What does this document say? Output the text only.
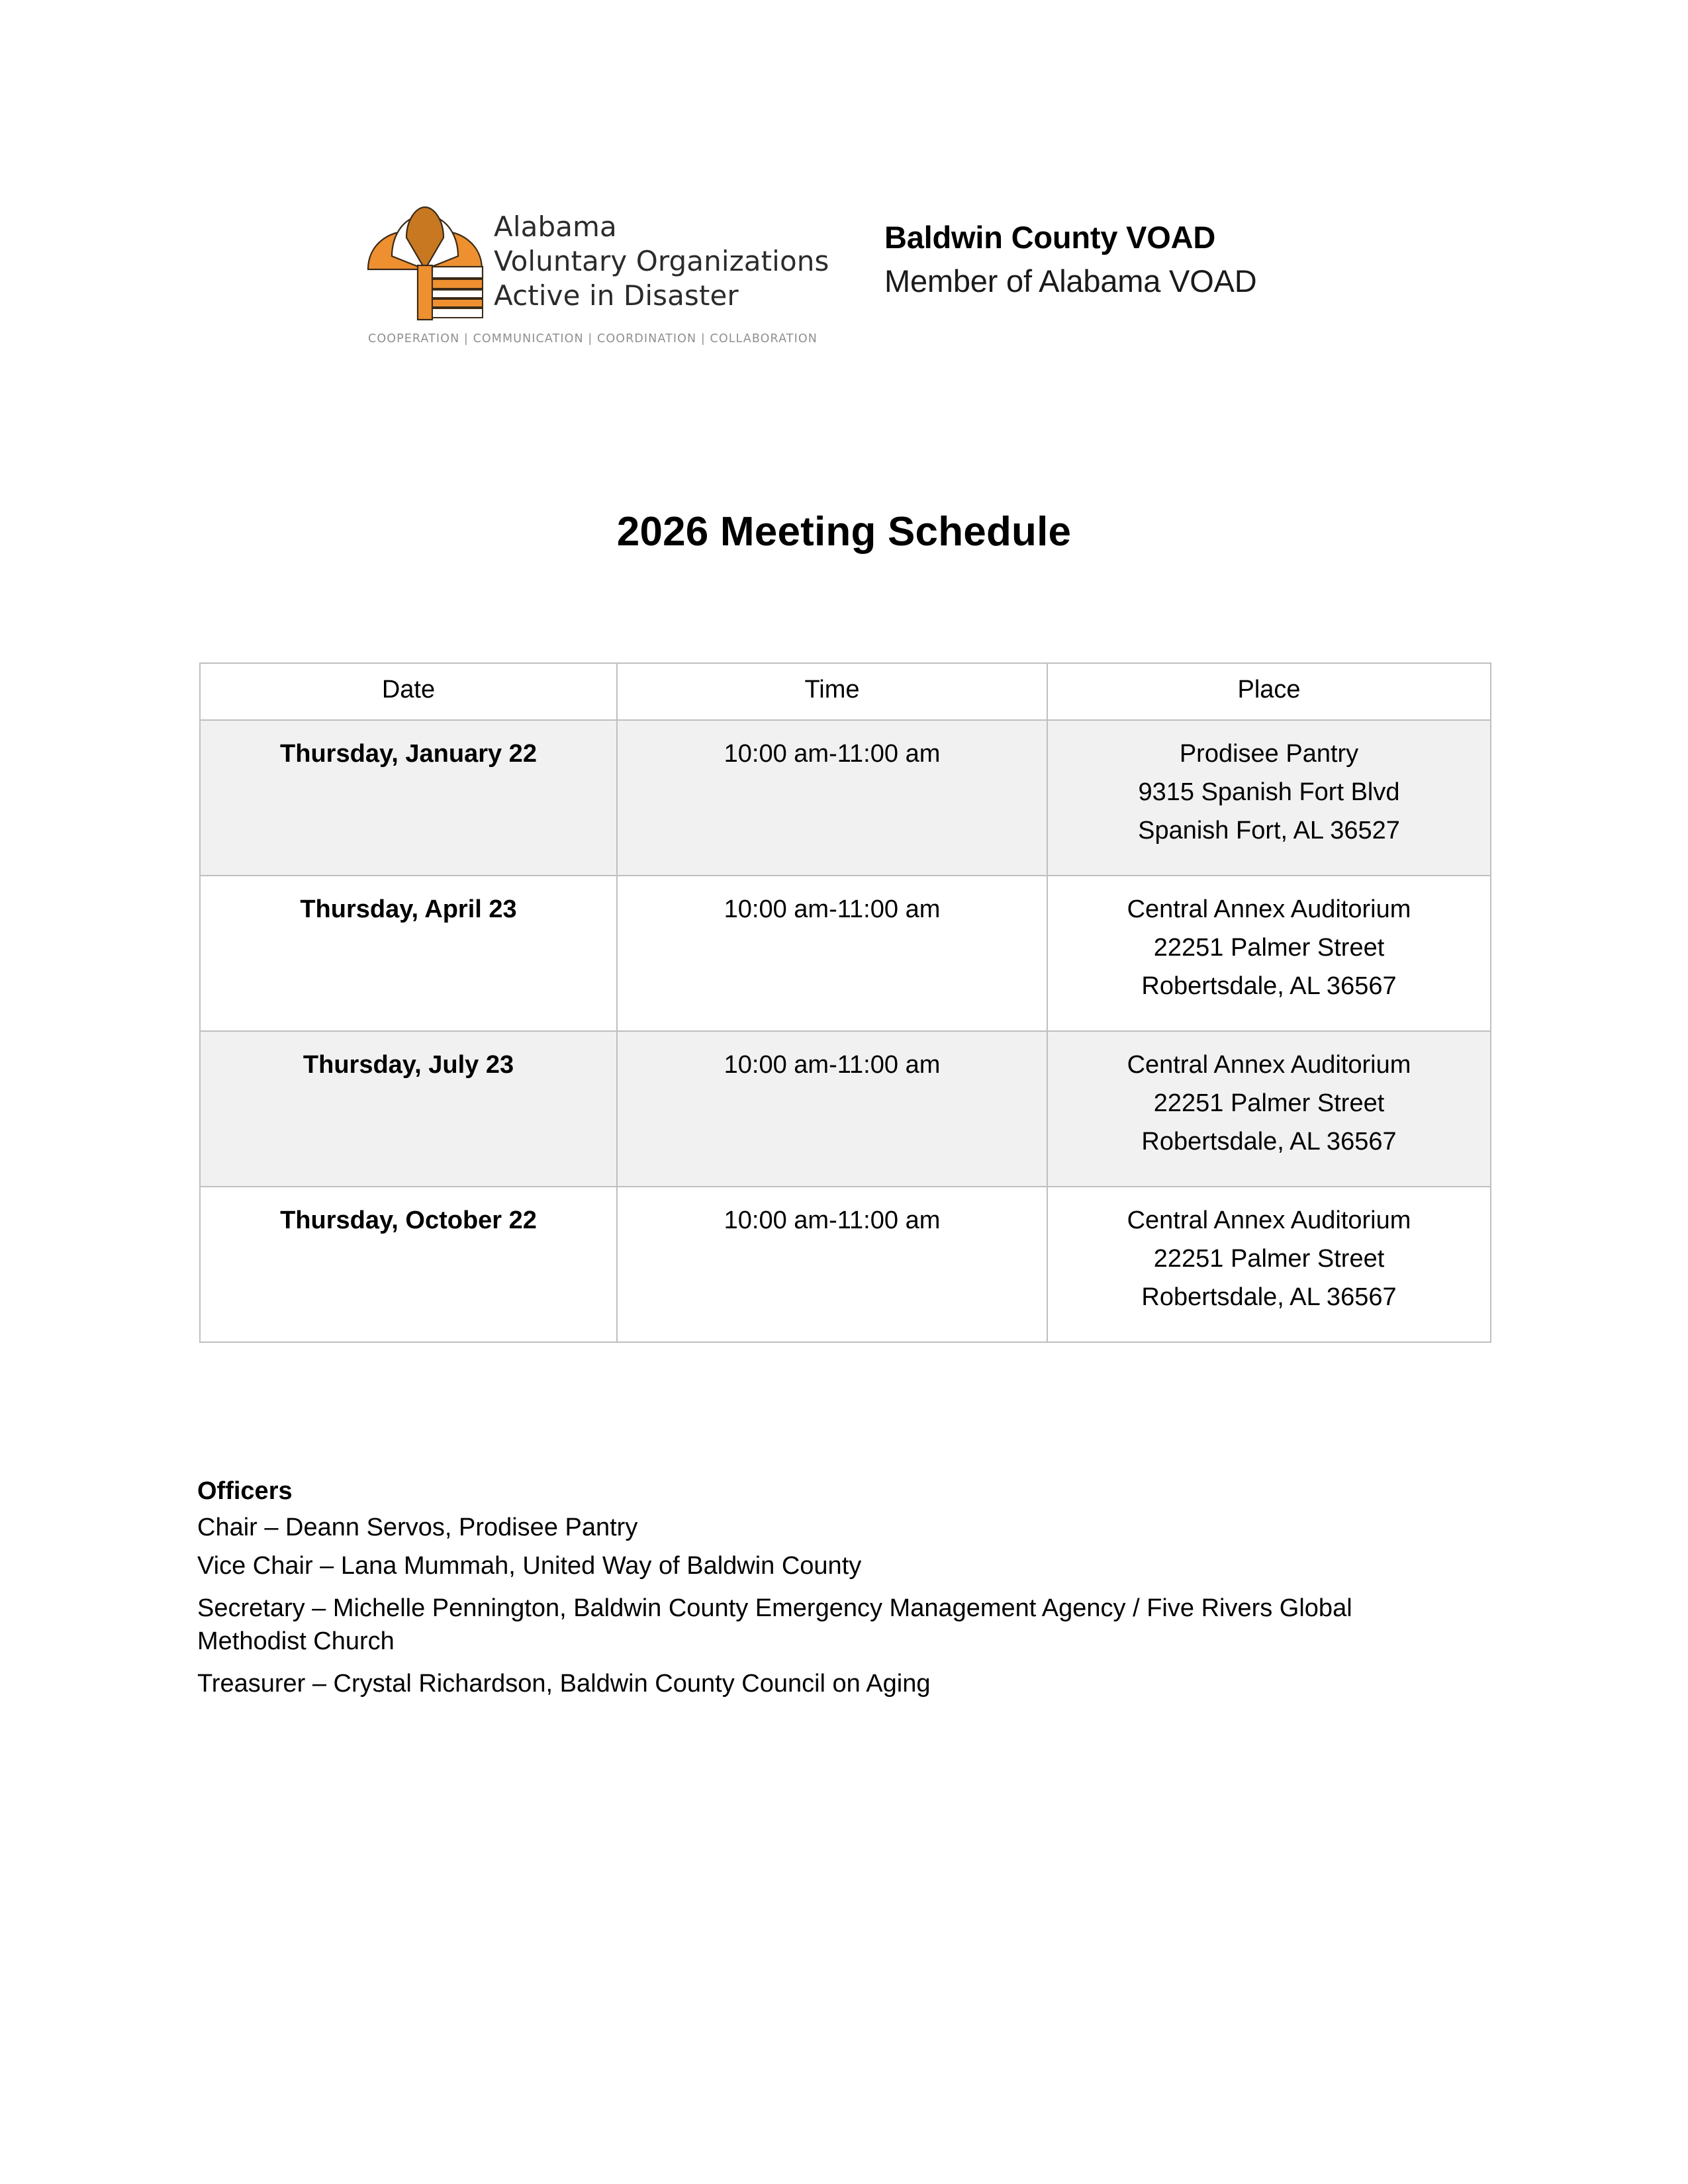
Alabama
Voluntary Organizations
Active in Disaster
COOPERATION | COMMUNICATION | COORDINATION | COLLABORATION
Baldwin County VOAD
Member of Alabama VOAD
2026 Meeting Schedule
Date	Time	Place
Thursday, January 22	10:00 am-11:00 am	Prodisee Pantry
9315 Spanish Fort Blvd
Spanish Fort, AL 36527

Thursday, April 23	10:00 am-11:00 am	Central Annex Auditorium
22251 Palmer Street
Robertsdale, AL 36567

Thursday, July 23	10:00 am-11:00 am	Central Annex Auditorium
22251 Palmer Street
Robertsdale, AL 36567

Thursday, October 22	10:00 am-11:00 am	Central Annex Auditorium
22251 Palmer Street
Robertsdale, AL 36567
Officers
Chair – Deann Servos, Prodisee Pantry
Vice Chair – Lana Mummah, United Way of Baldwin County
Secretary – Michelle Pennington, Baldwin County Emergency Management Agency / Five Rivers Global Methodist Church
Treasurer – Crystal Richardson, Baldwin County Council on Aging
